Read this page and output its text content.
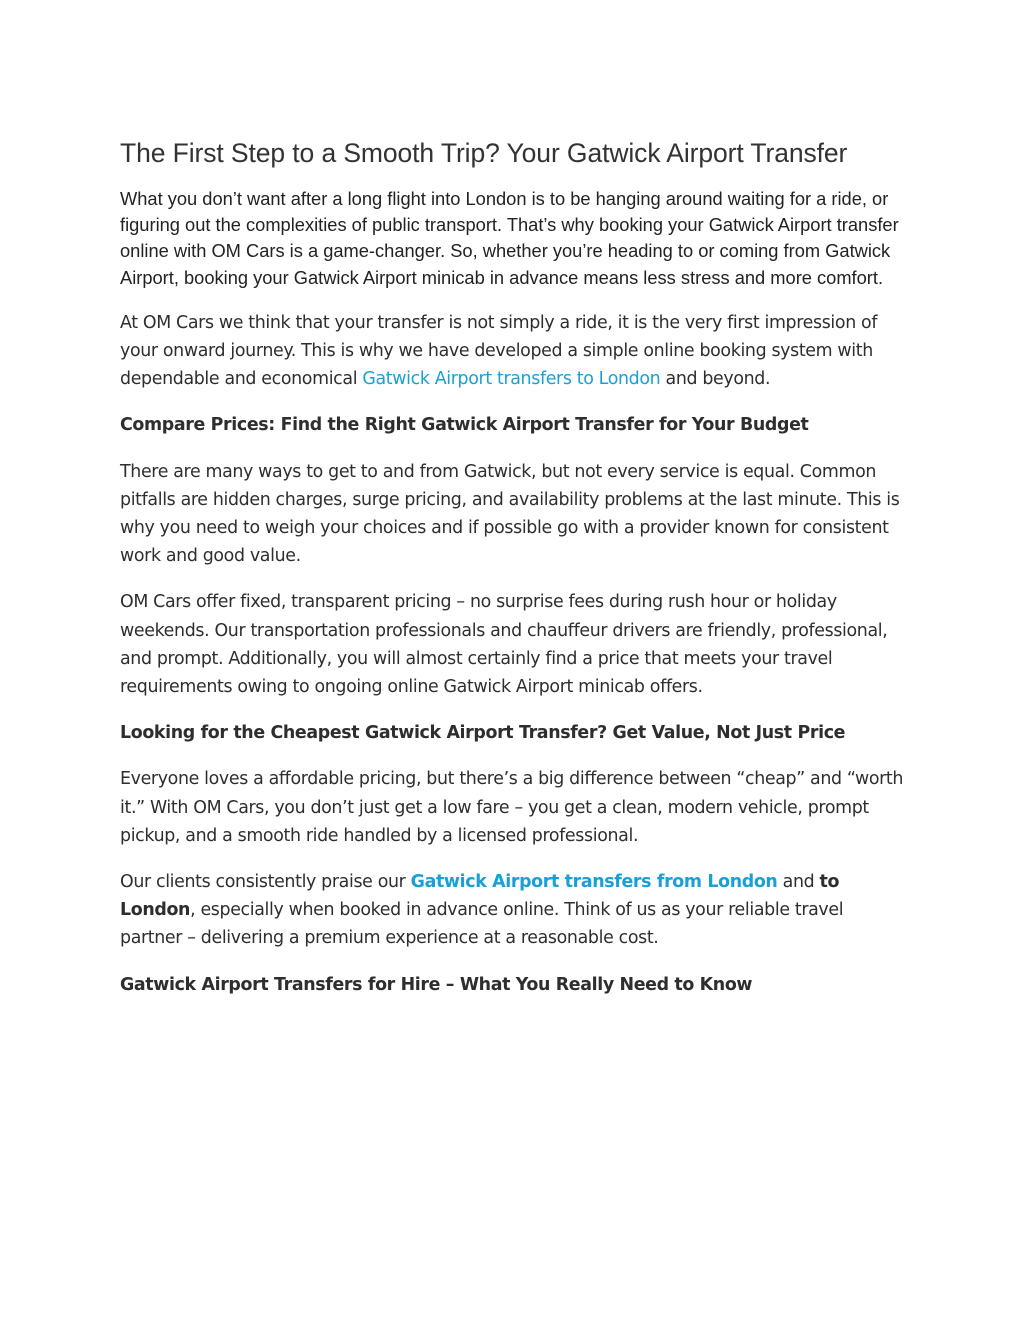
The First Step to a Smooth Trip? Your Gatwick Airport Transfer

What you don’t want after a long flight into London is to be hanging around waiting for a ride, or figuring out the complexities of public transport. That’s why booking your Gatwick Airport transfer online with OM Cars is a game-changer. So, whether you’re heading to or coming from Gatwick Airport, booking your Gatwick Airport minicab in advance means less stress and more comfort.

At OM Cars we think that your transfer is not simply a ride, it is the very first impression of your onward journey. This is why we have developed a simple online booking system with dependable and economical Gatwick Airport transfers to London and beyond.

Compare Prices: Find the Right Gatwick Airport Transfer for Your Budget

There are many ways to get to and from Gatwick, but not every service is equal. Common pitfalls are hidden charges, surge pricing, and availability problems at the last minute. This is why you need to weigh your choices and if possible go with a provider known for consistent work and good value.

OM Cars offer fixed, transparent pricing – no surprise fees during rush hour or holiday weekends. Our transportation professionals and chauffeur drivers are friendly, professional, and prompt. Additionally, you will almost certainly find a price that meets your travel requirements owing to ongoing online Gatwick Airport minicab offers.

Looking for the Cheapest Gatwick Airport Transfer? Get Value, Not Just Price

Everyone loves a affordable pricing, but there’s a big difference between “cheap” and “worth it.” With OM Cars, you don’t just get a low fare – you get a clean, modern vehicle, prompt pickup, and a smooth ride handled by a licensed professional.

Our clients consistently praise our Gatwick Airport transfers from London and to London, especially when booked in advance online. Think of us as your reliable travel partner – delivering a premium experience at a reasonable cost.

Gatwick Airport Transfers for Hire – What You Really Need to Know
